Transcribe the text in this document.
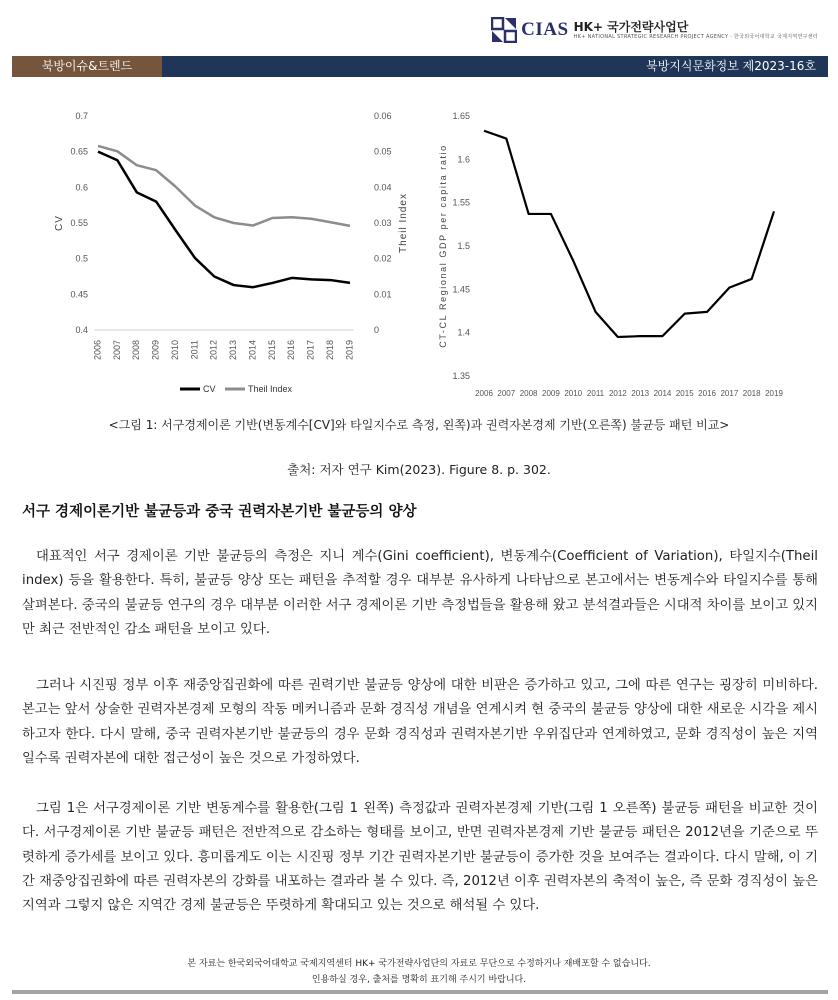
CIAS HK+ 국가전략사업단
HK+ NATIONAL STRATEGIC RESEARCH PROJECT AGENCY · 한국외국어대학교 국제지역연구센터
북방이슈&트렌드	북방지식문화정보 제2023-16호
0.4
0.45
0.5
0.55
0.6
0.65
0.7
0
0.01
0.02
0.03
0.04
0.05
0.06
2006 2007 2008 2009 2010 2011 2012 2013 2014 2015 2016 2017 2018 2019
CV	Theil Index
CV	Theil Index
1.35
1.4
1.45
1.5
1.55
1.6
1.65
2006 2007 2008 2009 2010 2011 2012 2013 2014 2015 2016 2017 2018 2019
CT-CL Regional GDP per capita ratio
<그림 1: 서구경제이론 기반(변동계수[CV]와 타일지수로 측정, 왼쪽)과 권력자본경제 기반(오른쪽) 불균등 패턴 비교>
출처: 저자 연구 Kim(2023). Figure 8. p. 302.
서구 경제이론기반 불균등과 중국 권력자본기반 불균등의 양상

대표적인 서구 경제이론 기반 불균등의 측정은 지니 계수(Gini coefficient), 변동계수(Coefficient of Variation), 타일지수(Theil index) 등을 활용한다. 특히, 불균등 양상 또는 패턴을 추적할 경우 대부분 유사하게 나타남으로 본고에서는 변동계수와 타일지수를 통해 살펴본다. 중국의 불균등 연구의 경우 대부분 이러한 서구 경제이론 기반 측정법들을 활용해 왔고 분석결과들은 시대적 차이를 보이고 있지만 최근 전반적인 감소 패턴을 보이고 있다.

그러나 시진핑 정부 이후 재중앙집권화에 따른 권력기반 불균등 양상에 대한 비판은 증가하고 있고, 그에 따른 연구는 굉장히 미비하다. 본고는 앞서 상술한 권력자본경제 모형의 작동 메커니즘과 문화 경직성 개념을 연계시켜 현 중국의 불균등 양상에 대한 새로운 시각을 제시하고자 한다. 다시 말해, 중국 권력자본기반 불균등의 경우 문화 경직성과 권력자본기반 우위집단과 연계하였고, 문화 경직성이 높은 지역일수록 권력자본에 대한 접근성이 높은 것으로 가정하였다.

그림 1은 서구경제이론 기반 변동계수를 활용한(그림 1 왼쪽) 측정값과 권력자본경제 기반(그림 1 오른쪽) 불균등 패턴을 비교한 것이다. 서구경제이론 기반 불균등 패턴은 전반적으로 감소하는 형태를 보이고, 반면 권력자본경제 기반 불균등 패턴은 2012년을 기준으로 뚜렷하게 증가세를 보이고 있다. 흥미롭게도 이는 시진핑 정부 기간 권력자본기반 불균등이 증가한 것을 보여주는 결과이다. 다시 말해, 이 기간 재중앙집권화에 따른 권력자본의 강화를 내포하는 결과라 볼 수 있다. 즉, 2012년 이후 권력자본의 축적이 높은, 즉 문화 경직성이 높은 지역과 그렇지 않은 지역간 경제 불균등은 뚜렷하게 확대되고 있는 것으로 해석될 수 있다.

본 자료는 한국외국어대학교 국제지역센터 HK+ 국가전략사업단의 자료로 무단으로 수정하거나 재배포할 수 없습니다.
인용하실 경우, 출처를 명확히 표기해 주시기 바랍니다.
